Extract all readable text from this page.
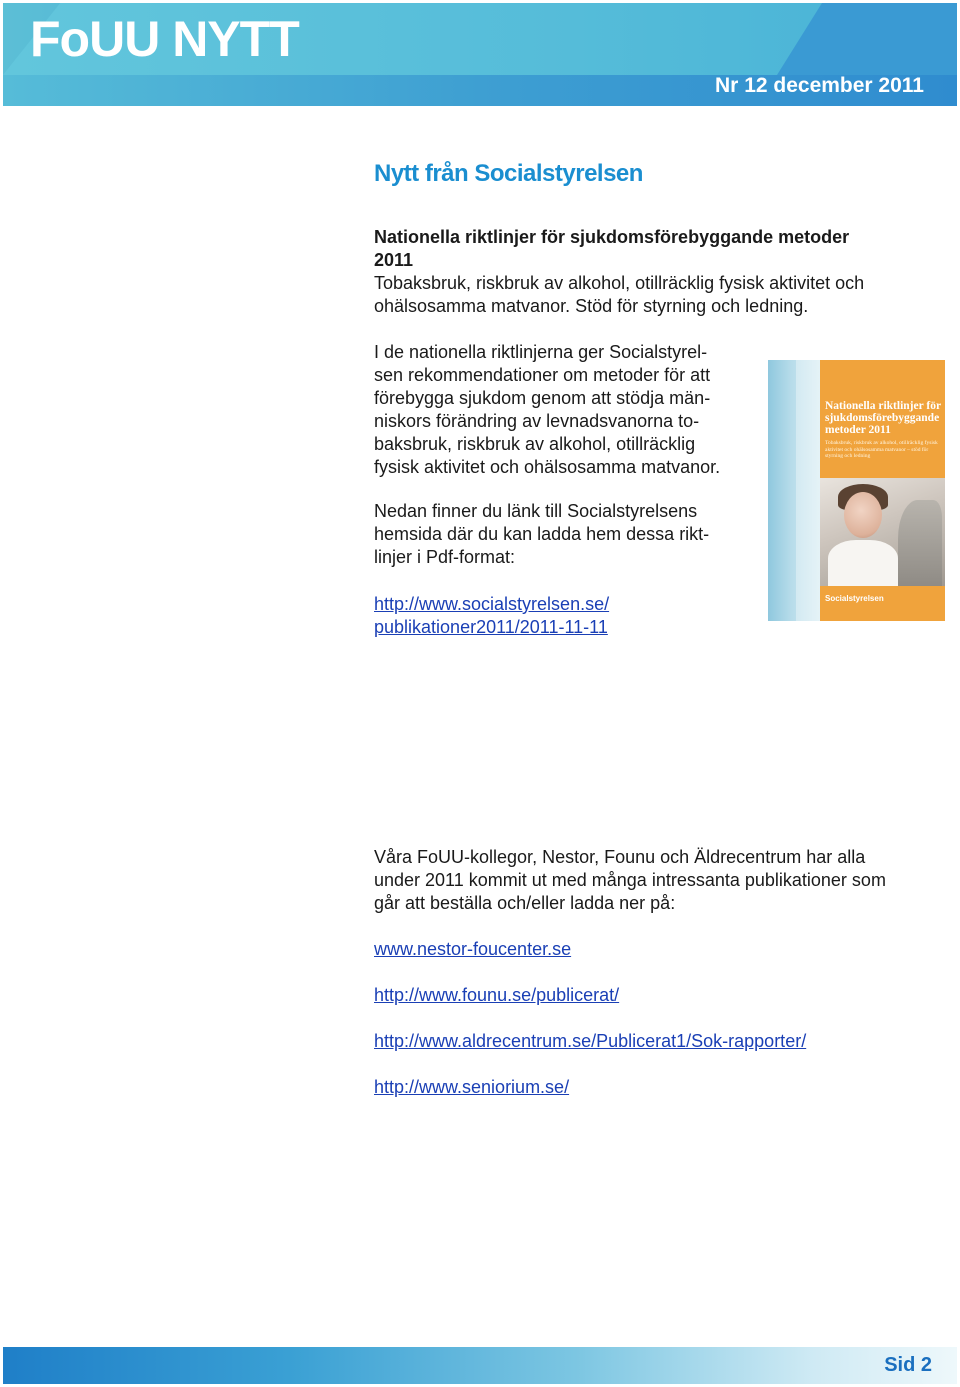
FoUU NYTT
Nr 12 december 2011
Nytt från Socialstyrelsen
Nationella riktlinjer för sjukdomsförebyggande metoder
2011
Tobaksbruk, riskbruk av alkohol, otillräcklig fysisk aktivitet och
ohälsosamma matvanor. Stöd för styrning och ledning.
I de nationella riktlinjerna ger Socialstyrel-
sen rekommendationer om metoder för att
förebygga sjukdom genom att stödja män-
niskors förändring av levnadsvanorna to-
baksbruk, riskbruk av alkohol, otillräcklig
fysisk aktivitet och ohälsosamma matvanor.
Nedan finner du länk till Socialstyrelsens
hemsida där du kan ladda hem dessa rikt-
linjer i Pdf-format:
http://www.socialstyrelsen.se/
publikationer2011/2011-11-11
Nationella riktlinjer för sjukdomsförebyggande metoder 2011
Tobaksbruk, riskbruk av alkohol, otillräcklig fysisk aktivitet och ohälsosamma matvanor – stöd för styrning och ledning
Socialstyrelsen
Våra FoUU-kollegor, Nestor, Founu och Äldrecentrum har alla
under 2011 kommit ut med många intressanta publikationer som
går att beställa och/eller ladda ner på:
www.nestor-foucenter.se
http://www.founu.se/publicerat/
http://www.aldrecentrum.se/Publicerat1/Sok-rapporter/
http://www.seniorium.se/
Sid 2
